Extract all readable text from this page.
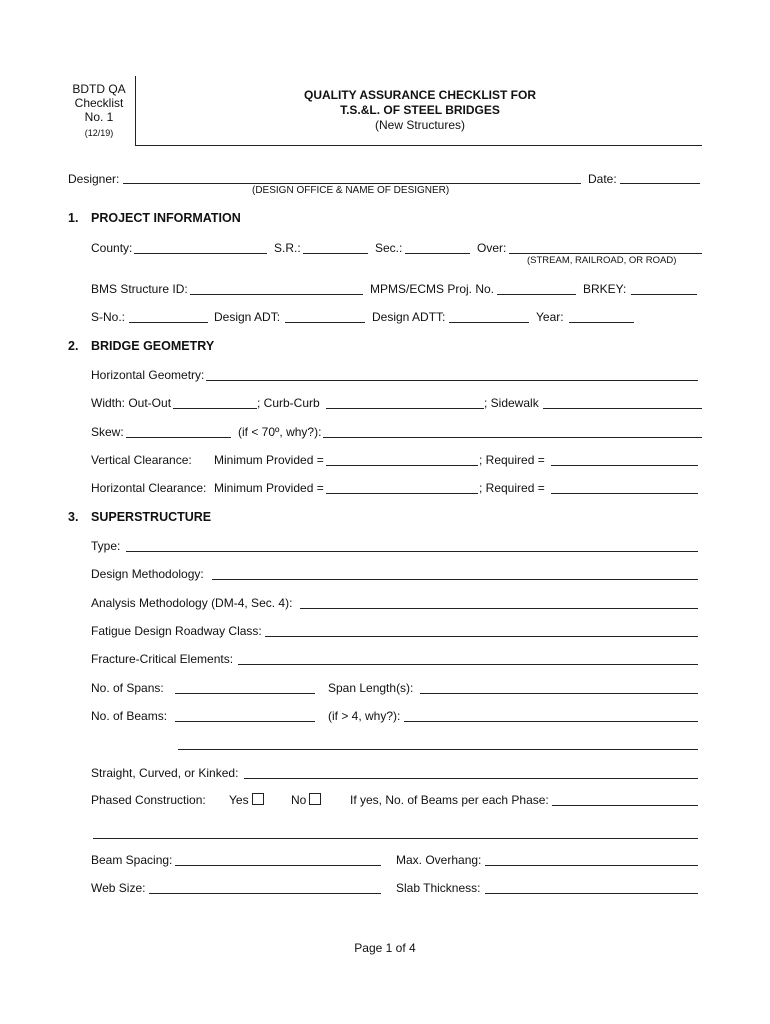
BDTD QA
Checklist
No. 1
(12/19)
QUALITY ASSURANCE CHECKLIST FOR
T.S.&L. OF STEEL BRIDGES
(New Structures)
Designer:
(DESIGN OFFICE & NAME OF DESIGNER)
Date:
1. PROJECT INFORMATION
County:	S.R.:	Sec.:	Over:
(STREAM, RAILROAD, OR ROAD)
BMS Structure ID:	MPMS/ECMS Proj. No.	BRKEY:
S-No.:	Design ADT:	Design ADTT:	Year:
2. BRIDGE GEOMETRY
Horizontal Geometry:
Width: Out-Out	; Curb-Curb	; Sidewalk
Skew:	(if < 70º, why?):
Vertical Clearance: Minimum Provided =	; Required =
Horizontal Clearance: Minimum Provided =	; Required =
3. SUPERSTRUCTURE
Type:
Design Methodology:
Analysis Methodology (DM-4, Sec. 4):
Fatigue Design Roadway Class:
Fracture-Critical Elements:
No. of Spans:	Span Length(s):
No. of Beams:	(if > 4, why?):
Straight, Curved, or Kinked:
Phased Construction: Yes	No	If yes, No. of Beams per each Phase:
Beam Spacing:	Max. Overhang:
Web Size:	Slab Thickness:
Page 1 of 4
